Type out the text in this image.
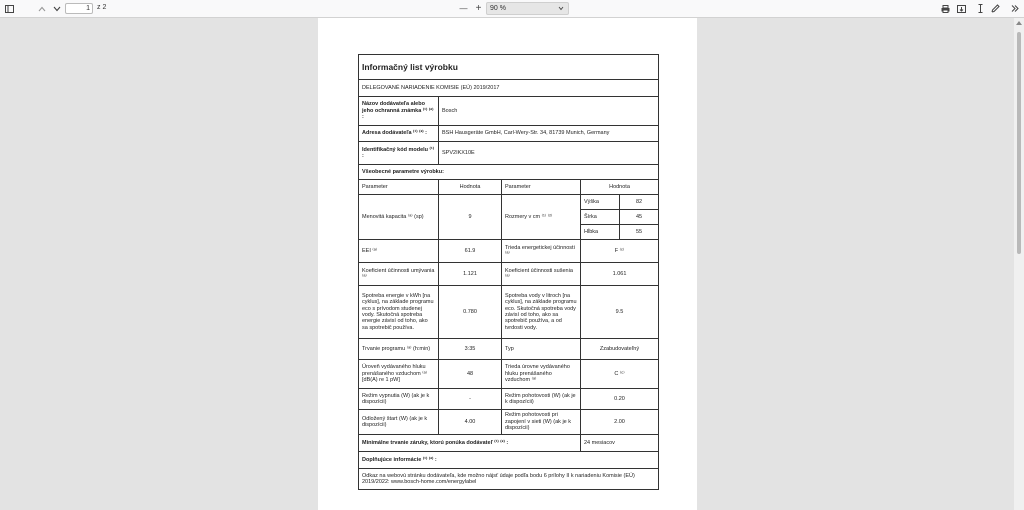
1	z 2	— +	90 %
Informačný list výrobku				
DELEGOVANÉ NARIADENIE KOMISIE (EÚ) 2019/2017				
Názov dodávateľa alebo jeho ochranná známka ⁽¹⁾ ⁽²⁾ :	Bosch			
Adresa dodávateľa ⁽¹⁾ ⁽²⁾ :	BSH Hausgeräte GmbH, Carl-Wery-Str. 34, 81739 Munich, Germany			
Identifikačný kód modelu ⁽¹⁾ :	SPV2IKX10E			
Všeobecné parametre výrobku:				
Parameter	Hodnota	Parameter	Hodnota	
Menovitá kapacita ⁽ᵃ⁾ (sp)	9	Rozmery v cm ⁽¹⁾ ⁽²⁾	Výška	82
			Šírka	45
			Hĺbka	55
EEI ⁽ᵃ⁾	61.9	Trieda energetickej účinnosti ⁽ᵃ⁾	F ⁽ᶜ⁾	
Koeficient účinnosti umývania ⁽ᵃ⁾	1.121	Koeficient účinnosti sušenia ⁽ᵃ⁾	1.061	
Spotreba energie v kWh [na cyklus], na základe programu eco s prívodom studenej vody. Skutočná spotreba energie závisí od toho, ako sa spotrebič používa.	0.780	Spotreba vody v litroch [na cyklus], na základe programu eco. Skutočná spotreba vody závisí od toho, ako sa spotrebič používa, a od tvrdosti vody.	9.5	
Trvanie programu ⁽ᵃ⁾ (h:min)	3:35	Typ	Zzabudovateľný	
Úroveň vydávaného hluku prenášaného vzduchom ⁽ᵃ⁾ [dB(A) re 1 pW]	48	Trieda úrovne vydávaného hluku prenášaného vzduchom ⁽ᵃ⁾	C ⁽ᶜ⁾	
Režim vypnutia (W) (ak je k dispozícii)	-	Režim pohotovosti (W) (ak je k dispozícii)	0.20	
Odložený štart (W) (ak je k dispozícii)	4.00	Režim pohotovosti pri zapojení v sieti (W) (ak je k dispozícii)	2.00	
Minimálne trvanie záruky, ktorú ponúka dodávateľ ⁽¹⁾ ⁽²⁾ :			24 mesiacov	
Doplňujúce informácie ⁽¹⁾ ⁽²⁾ :				
Odkaz na webovú stránku dodávateľa, kde možno nájsť údaje podľa bodu 6 prílohy II k nariadeniu Komisie (EÚ) 2019/2022: www.bosch-home.com/energylabel				
